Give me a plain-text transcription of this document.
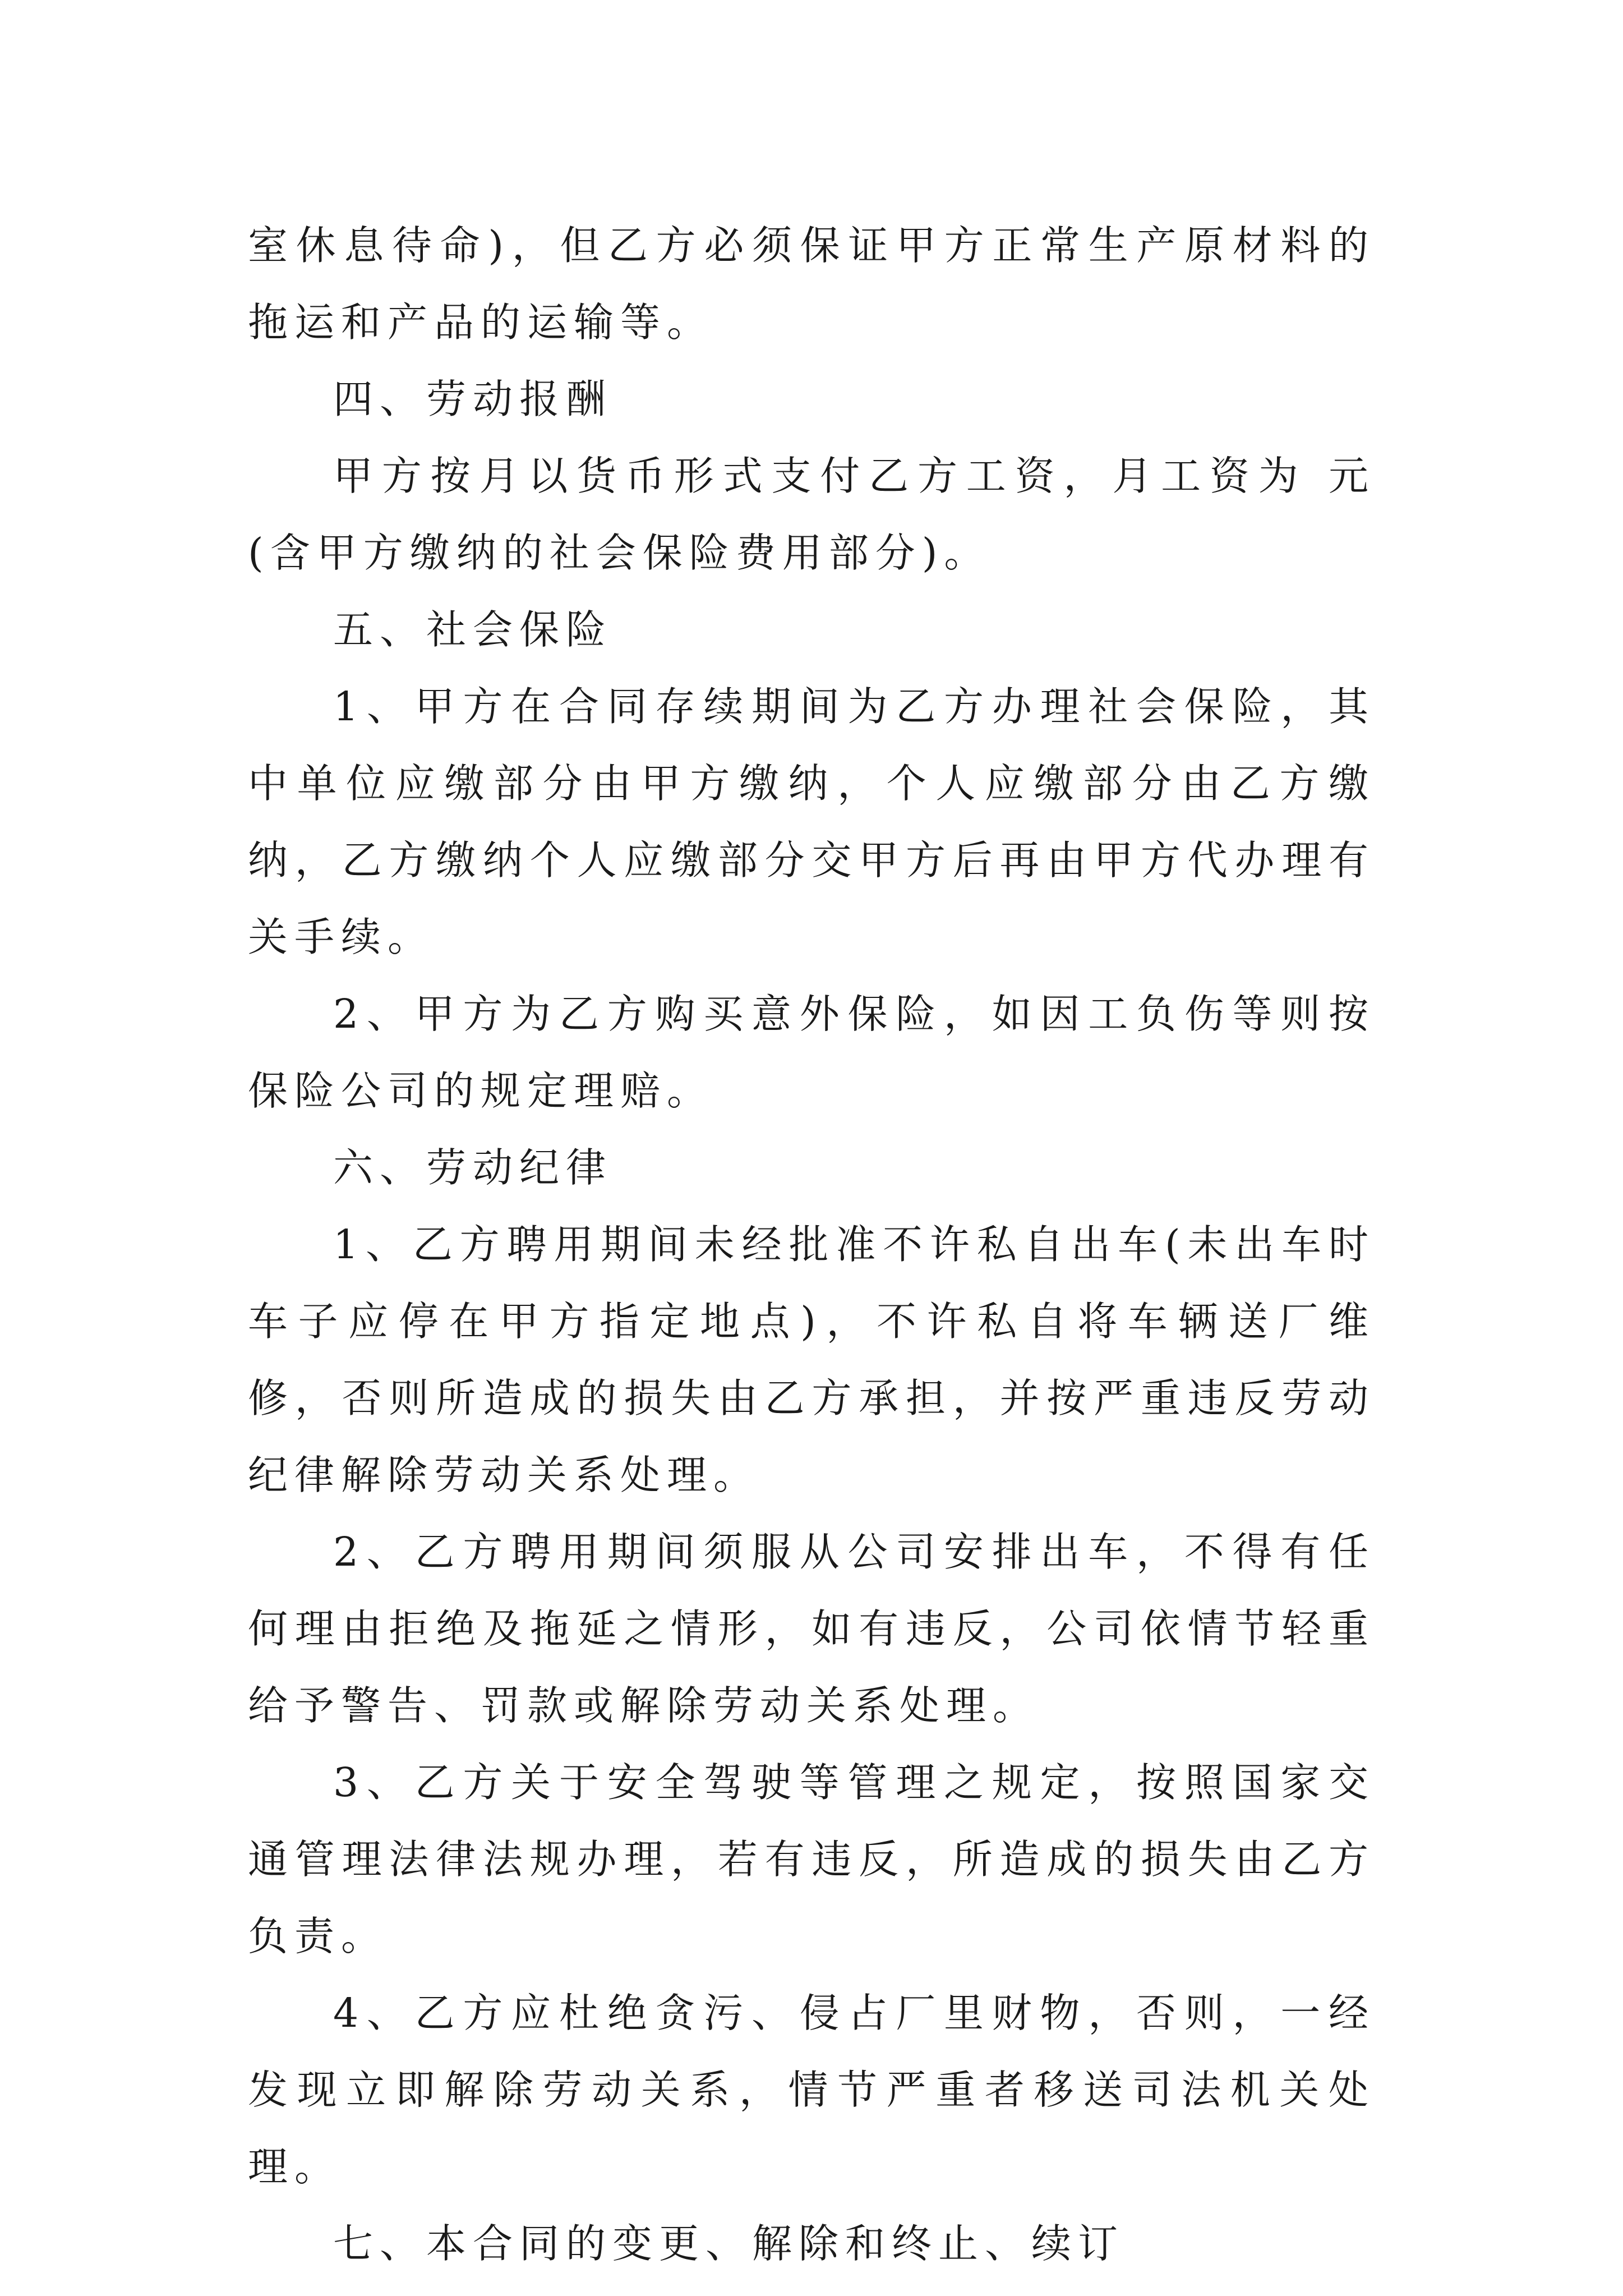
室休息待命)，但乙方必须保证甲方正常生产原材料的拖运和产品的运输等。

四、劳动报酬

甲方按月以货币形式支付乙方工资，月工资为 元(含甲方缴纳的社会保险费用部分)。

五、社会保险

1、甲方在合同存续期间为乙方办理社会保险，其中单位应缴部分由甲方缴纳，个人应缴部分由乙方缴纳，乙方缴纳个人应缴部分交甲方后再由甲方代办理有关手续。

2、甲方为乙方购买意外保险，如因工负伤等则按保险公司的规定理赔。

六、劳动纪律

1、乙方聘用期间未经批准不许私自出车(未出车时车子应停在甲方指定地点)，不许私自将车辆送厂维修，否则所造成的损失由乙方承担，并按严重违反劳动纪律解除劳动关系处理。

2、乙方聘用期间须服从公司安排出车，不得有任何理由拒绝及拖延之情形，如有违反，公司依情节轻重给予警告、罚款或解除劳动关系处理。

3、乙方关于安全驾驶等管理之规定，按照国家交通管理法律法规办理，若有违反，所造成的损失由乙方负责。

4、乙方应杜绝贪污、侵占厂里财物，否则，一经发现立即解除劳动关系，情节严重者移送司法机关处理。

七、本合同的变更、解除和终止、续订
